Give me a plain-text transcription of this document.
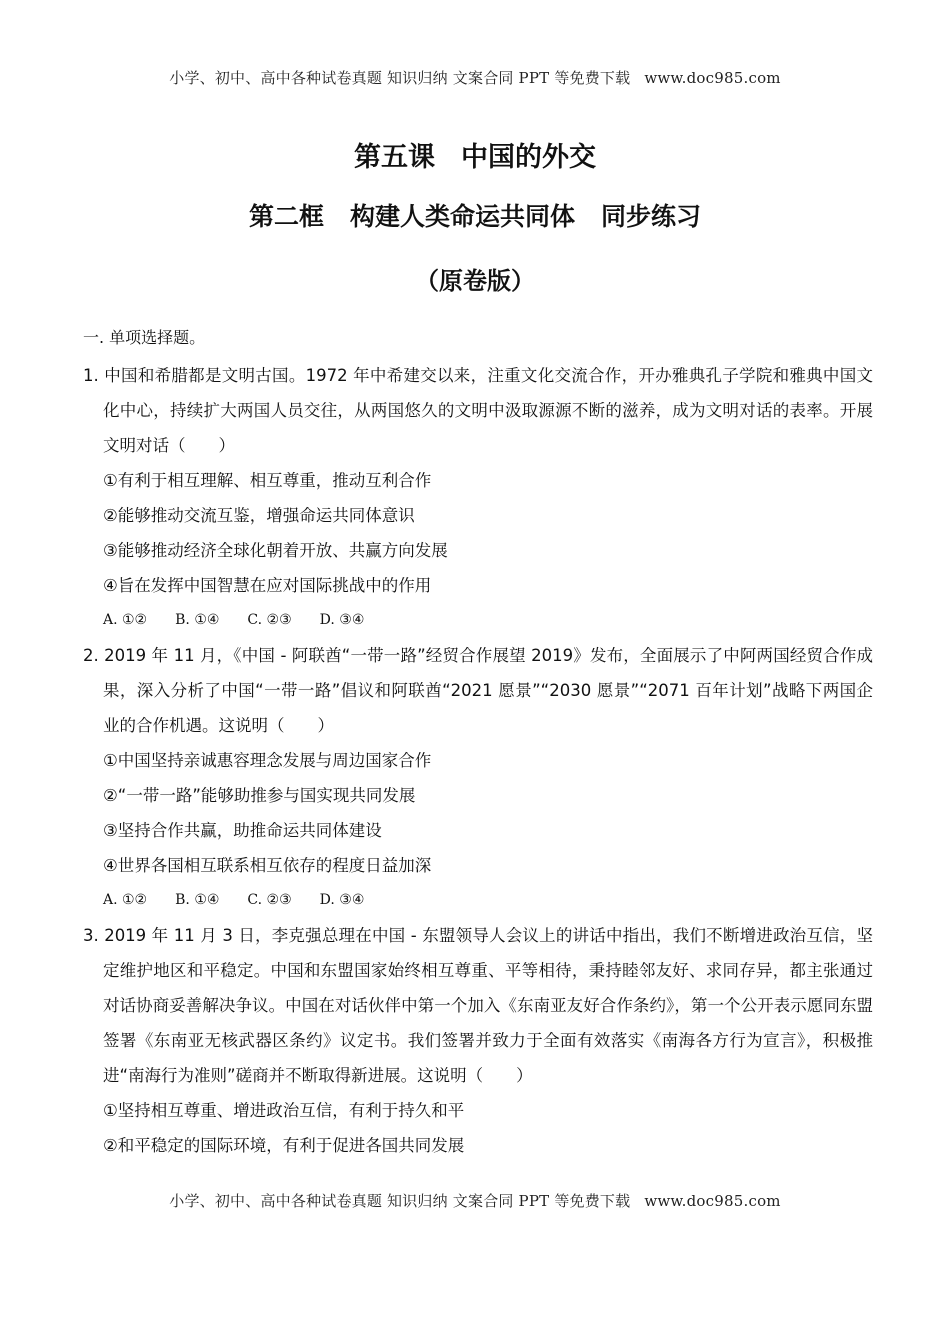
小学、初中、高中各种试卷真题 知识归纳 文案合同 PPT 等免费下载 www.doc985.com
第五课 中国的外交
第二框 构建人类命运共同体 同步练习
（原卷版）
一. 单项选择题。
1. 中国和希腊都是文明古国。1972 年中希建交以来，注重文化交流合作，开办雅典孔子学院和雅典中国文化中心，持续扩大两国人员交往，从两国悠久的文明中汲取源源不断的滋养，成为文明对话的表率。开展文明对话（　　）
①有利于相互理解、相互尊重，推动互利合作
②能够推动交流互鉴，增强命运共同体意识
③能够推动经济全球化朝着开放、共赢方向发展
④旨在发挥中国智慧在应对国际挑战中的作用
A. ①② B. ①④ C. ②③ D. ③④
2. 2019 年 11 月，《中国 - 阿联酋“一带一路”经贸合作展望 2019》发布，全面展示了中阿两国经贸合作成果，深入分析了中国“一带一路”倡议和阿联酋“2021 愿景”“2030 愿景”“2071 百年计划”战略下两国企业的合作机遇。这说明（　　）
①中国坚持亲诚惠容理念发展与周边国家合作
②“一带一路”能够助推参与国实现共同发展
③坚持合作共赢，助推命运共同体建设
④世界各国相互联系相互依存的程度日益加深
A. ①② B. ①④ C. ②③ D. ③④
3. 2019 年 11 月 3 日，李克强总理在中国 - 东盟领导人会议上的讲话中指出，我们不断增进政治互信，坚定维护地区和平稳定。中国和东盟国家始终相互尊重、平等相待，秉持睦邻友好、求同存异，都主张通过对话协商妥善解决争议。中国在对话伙伴中第一个加入《东南亚友好合作条约》，第一个公开表示愿同东盟签署《东南亚无核武器区条约》议定书。我们签署并致力于全面有效落实《南海各方行为宣言》，积极推进“南海行为准则”磋商并不断取得新进展。这说明（　　）
①坚持相互尊重、增进政治互信，有利于持久和平
②和平稳定的国际环境，有利于促进各国共同发展
小学、初中、高中各种试卷真题 知识归纳 文案合同 PPT 等免费下载 www.doc985.com
